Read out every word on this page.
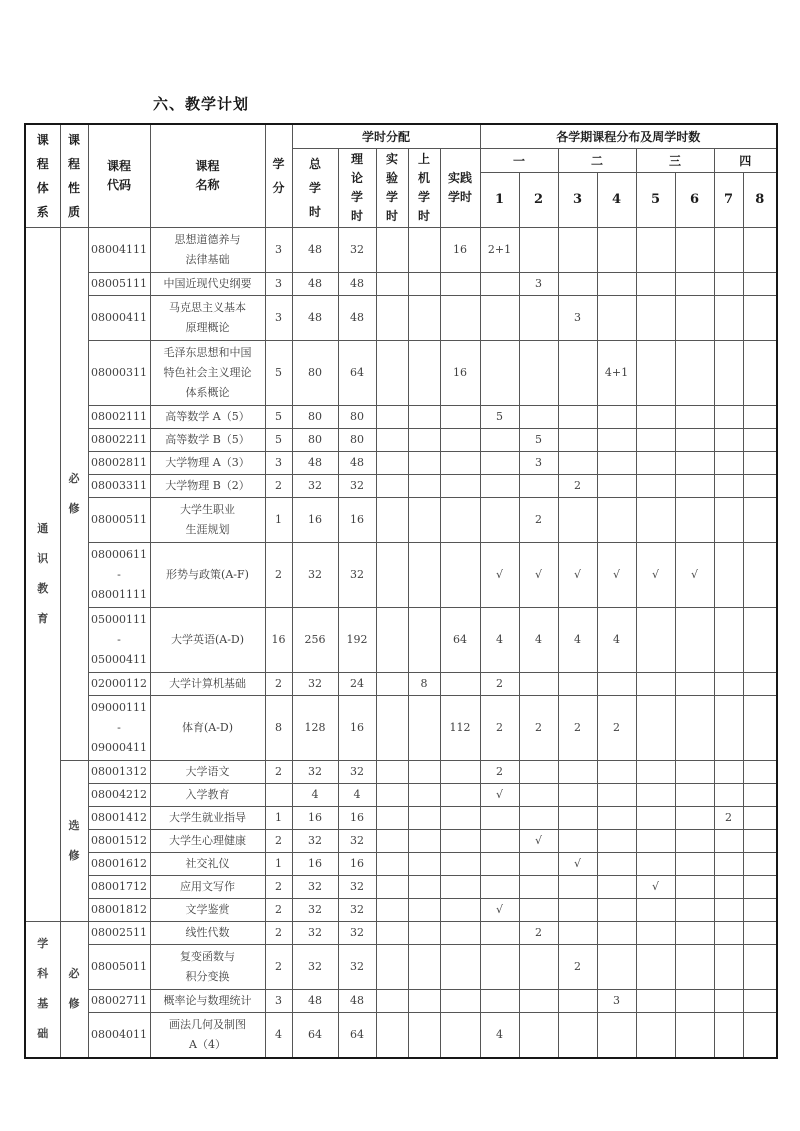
六、教学计划
课程体系	课程性质	课程代码	课程名称	学分	学时分配					各学期课程分布及周学时数							

					总学时	理论学时	实验学时	上机学时	实践学时	一		二		三		四	
										1	2	3	4	5	6	7	8

通识教育	必修	08004111	思想道德养与
法律基础	3	48	32			16	2+1							
		08005111	中国近现代史纲要	3	48	48					3						
		08000411	马克思主义基本
原理概论	3	48	48						3					
		08000311	毛泽东思想和中国
特色社会主义理论
体系概论	5	80	64			16				4+1				
		08002111	高等数学 A（5）	5	80	80				5							
		08002211	高等数学 B（5）	5	80	80					5						
		08002811	大学物理 A（3）	3	48	48					3						
		08003311	大学物理 B（2）	2	32	32						2					
		08000511	大学生职业
生涯规划	1	16	16					2						

		08000611
-
08001111	形势与政策(A-F)	2	32	32				√	√	√	√	√	√		

		05000111
-
05000411	大学英语(A-D)	16	256	192			64	4	4	4	4				
		02000112	大学计算机基础	2	32	24		8		2							

		09000111
-
09000411	体育(A-D)	8	128	16			112	2	2	2	2				

	选修	08001312	大学语文	2	32	32				2							
		08004212	入学教育		4	4				√							
		08001412	大学生就业指导	1	16	16										2	
		08001512	大学生心理健康	2	32	32					√						
		08001612	社交礼仪	1	16	16						√					
		08001712	应用文写作	2	32	32								√			
		08001812	文学鉴赏	2	32	32				√							

学科基础	必修	08002511	线性代数	2	32	32					2						
		08005011	复变函数与
积分变换	2	32	32						2					
		08002711	概率论与数理统计	3	48	48							3				
		08004011	画法几何及制图
A（4）	4	64	64				4							
